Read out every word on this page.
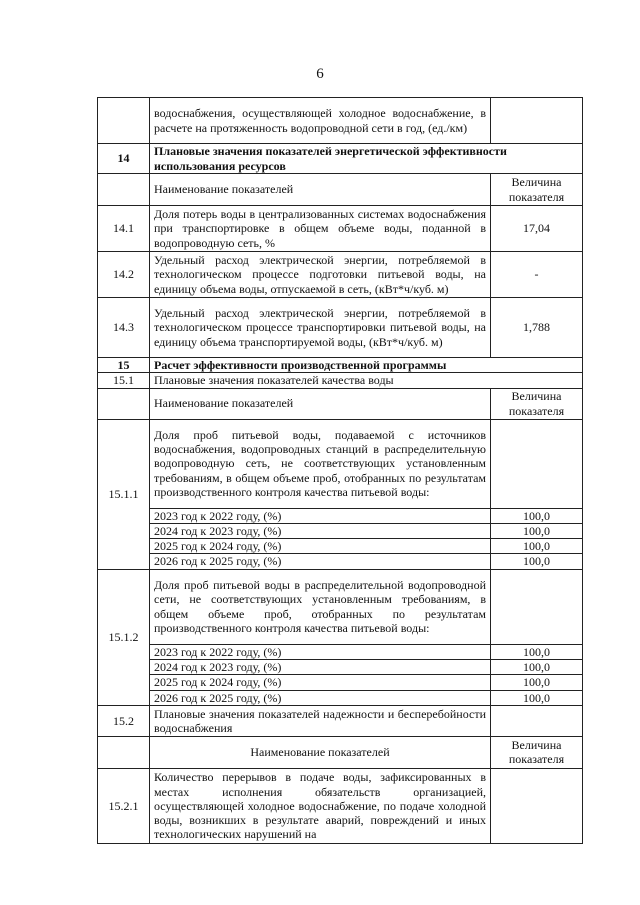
6
	водоснабжения, осуществляющей холодное водоснабжение, в расчете на протяженность водопроводной сети в год, (ед./км)	
14	Плановые значения показателей энергетической эффективности использования ресурсов	
	Наименование показателей	Величина показателя
14.1	Доля потерь воды в централизованных системах водоснабжения при транспортировке в общем объеме воды, поданной в водопроводную сеть, %	17,04
14.2	Удельный расход электрической энергии, потребляемой в технологическом процессе подготовки питьевой воды, на единицу объема воды, отпускаемой в сеть, (кВт*ч/куб. м)	-
14.3	Удельный расход электрической энергии, потребляемой в технологическом процессе транспортировки питьевой воды, на единицу объема транспортируемой воды, (кВт*ч/куб. м)	1,788
15	Расчет эффективности производственной программы	
15.1	Плановые значения показателей качества воды	
	Наименование показателей	Величина показателя
15.1.1	Доля проб питьевой воды, подаваемой с источников водоснабжения, водопроводных станций в распределительную водопроводную сеть, не соответствующих установленным требованиям, в общем объеме проб, отобранных по результатам производственного контроля качества питьевой воды:	
	2023 год к 2022 году, (%)	100,0
	2024 год к 2023 году, (%)	100,0
	2025 год к 2024 году, (%)	100,0
	2026 год к 2025 году, (%)	100,0
15.1.2	Доля проб питьевой воды в распределительной водопроводной сети, не соответствующих установленным требованиям, в общем объеме проб, отобранных по результатам производственного контроля качества питьевой воды:	
	2023 год к 2022 году, (%)	100,0
	2024 год к 2023 году, (%)	100,0
	2025 год к 2024 году, (%)	100,0
	2026 год к 2025 году, (%)	100,0
15.2	Плановые значения показателей надежности и бесперебойности водоснабжения	
	Наименование показателей	Величина показателя
15.2.1	Количество перерывов в подаче воды, зафиксированных в местах исполнения обязательств организацией, осуществляющей холодное водоснабжение, по подаче холодной воды, возникших в результате аварий, повреждений и иных технологических нарушений на	
